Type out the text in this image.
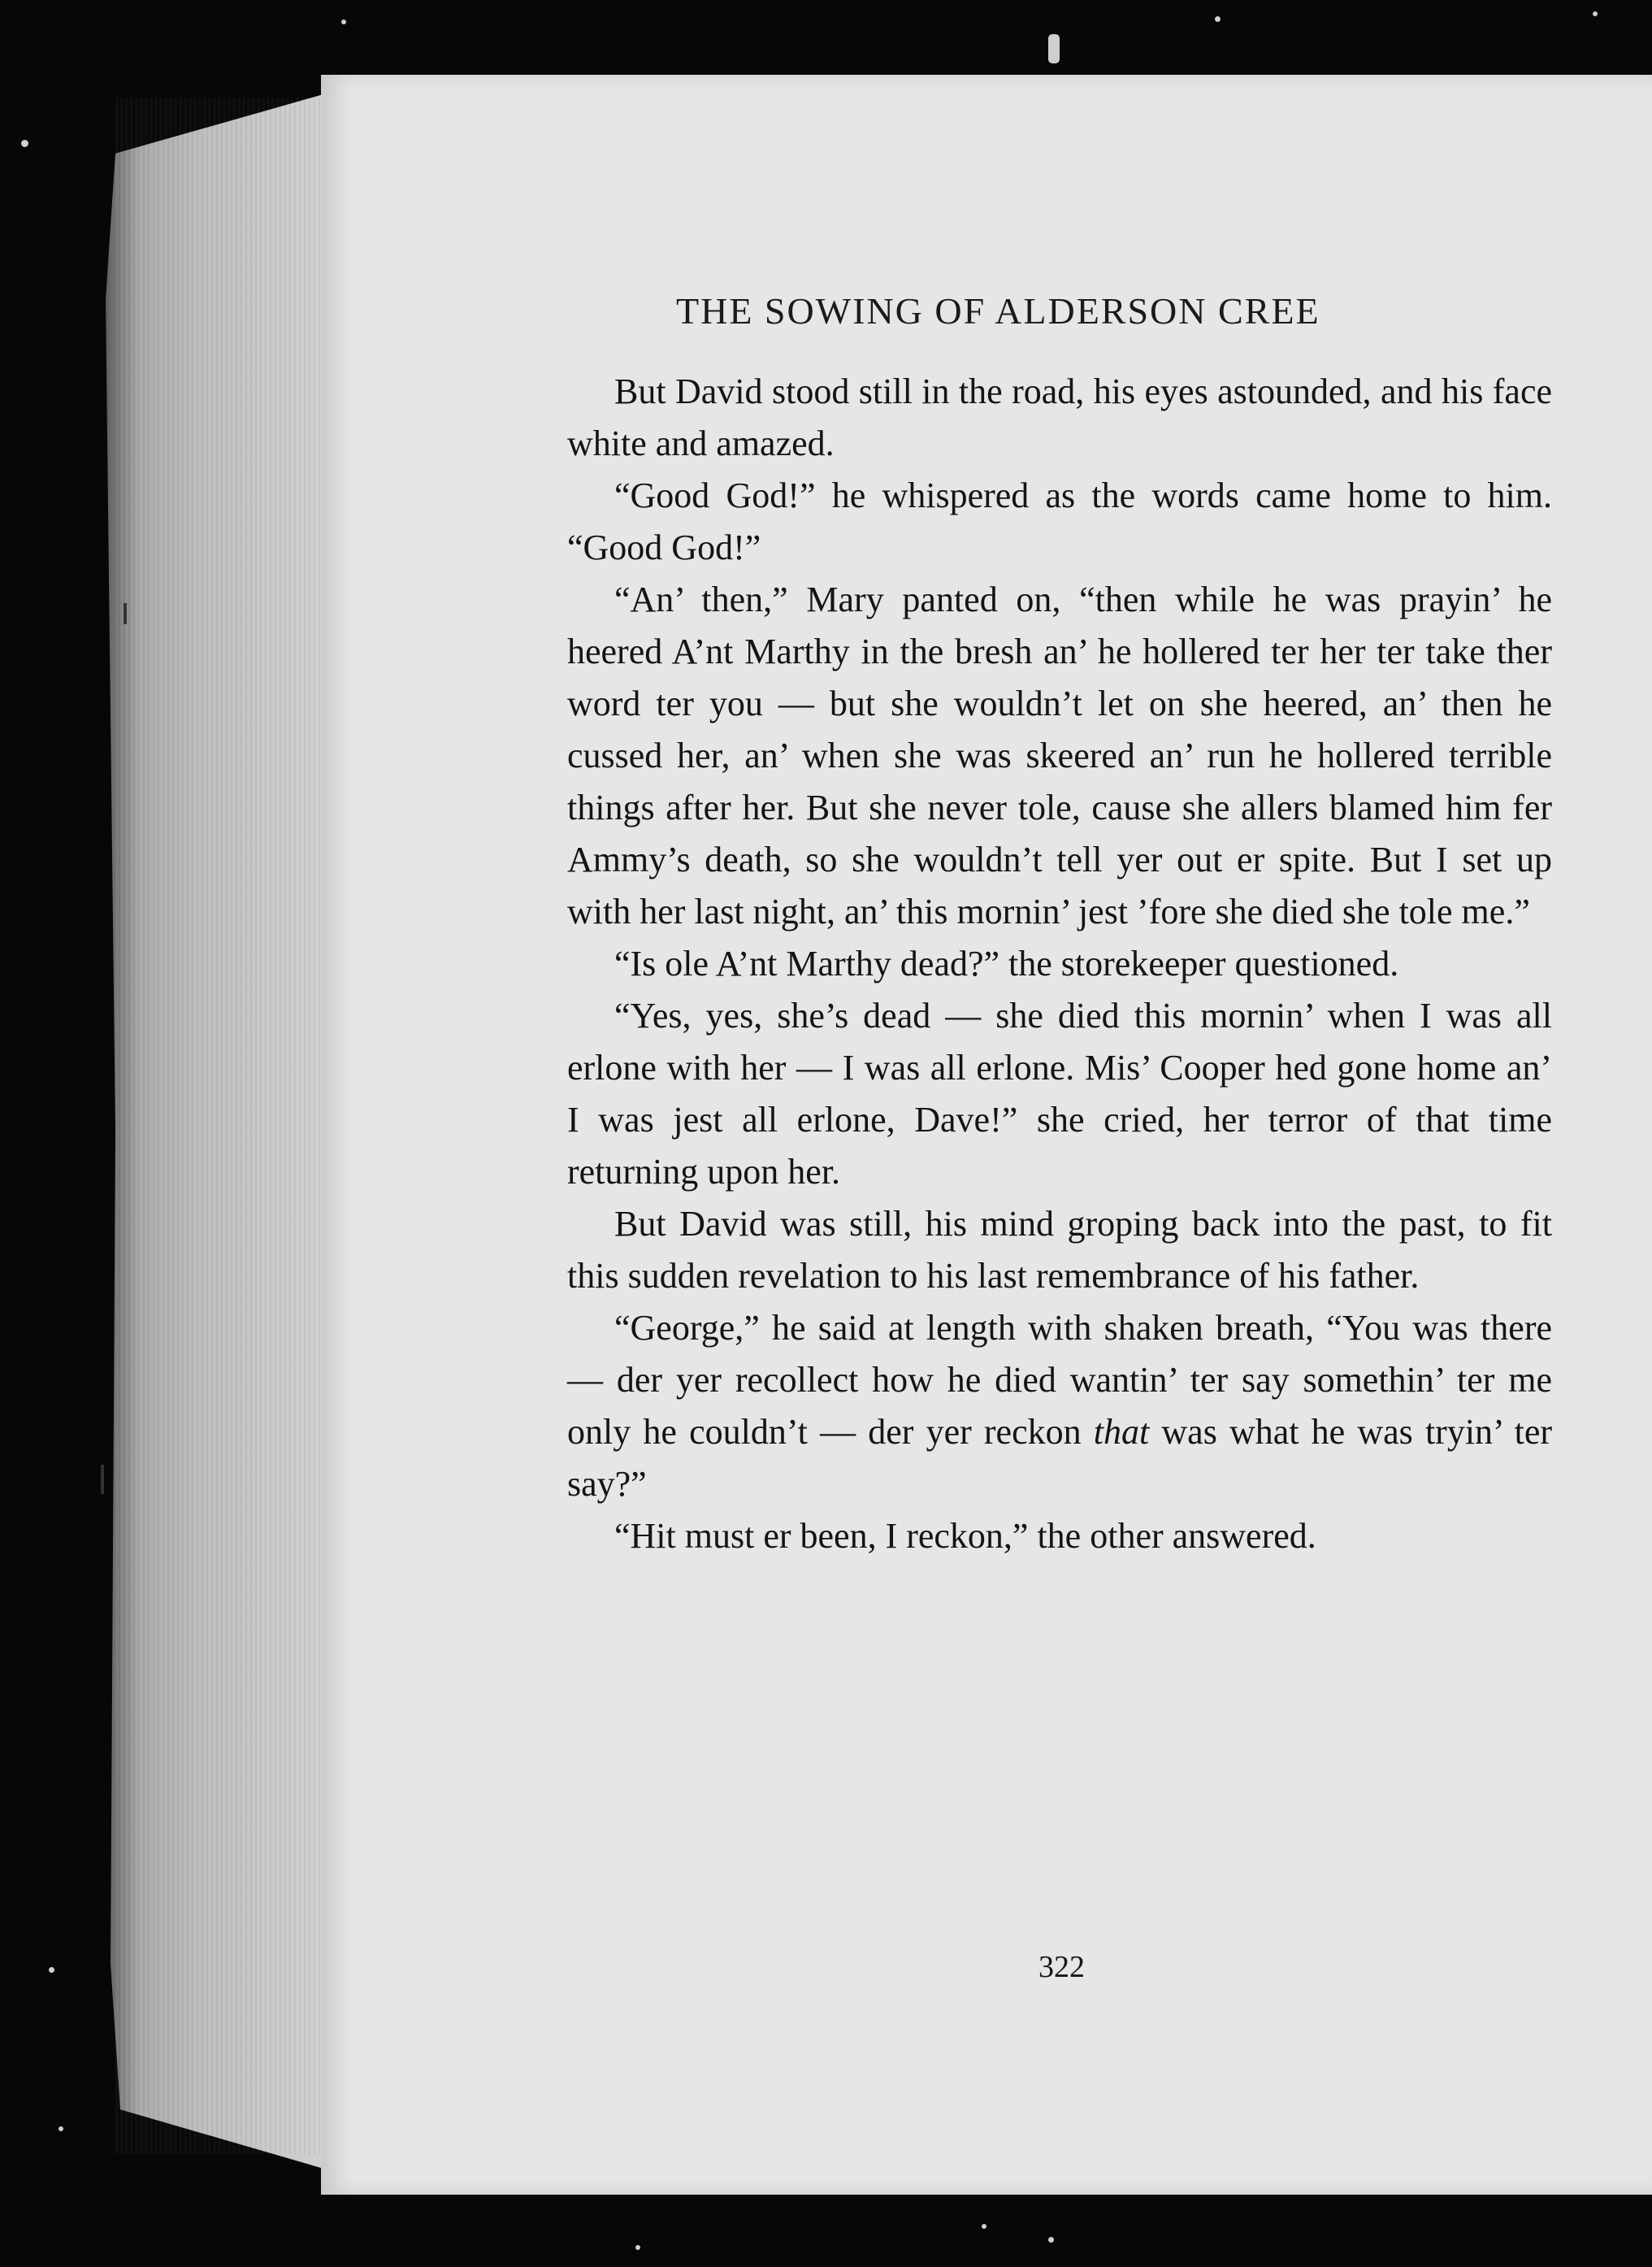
THE SOWING OF ALDERSON CREE

But David stood still in the road, his eyes astounded, and his face white and amazed.

“Good God!” he whispered as the words came home to him. “Good God!”

“An’ then,” Mary panted on, “then while he was prayin’ he heered A’nt Marthy in the bresh an’ he hollered ter her ter take ther word ter you — but she wouldn’t let on she heered, an’ then he cussed her, an’ when she was skeered an’ run he hollered terrible things after her. But she never tole, cause she allers blamed him fer Ammy’s death, so she wouldn’t tell yer out er spite. But I set up with her last night, an’ this mornin’ jest ’fore she died she tole me.”

“Is ole A’nt Marthy dead?” the storekeeper questioned.

“Yes, yes, she’s dead — she died this mornin’ when I was all erlone with her — I was all erlone. Mis’ Cooper hed gone home an’ I was jest all erlone, Dave!” she cried, her terror of that time returning upon her.

But David was still, his mind groping back into the past, to fit this sudden revelation to his last remembrance of his father.

“George,” he said at length with shaken breath, “You was there — der yer recollect how he died wantin’ ter say somethin’ ter me only he couldn’t — der yer reckon that was what he was tryin’ ter say?”

“Hit must er been, I reckon,” the other answered.

322
